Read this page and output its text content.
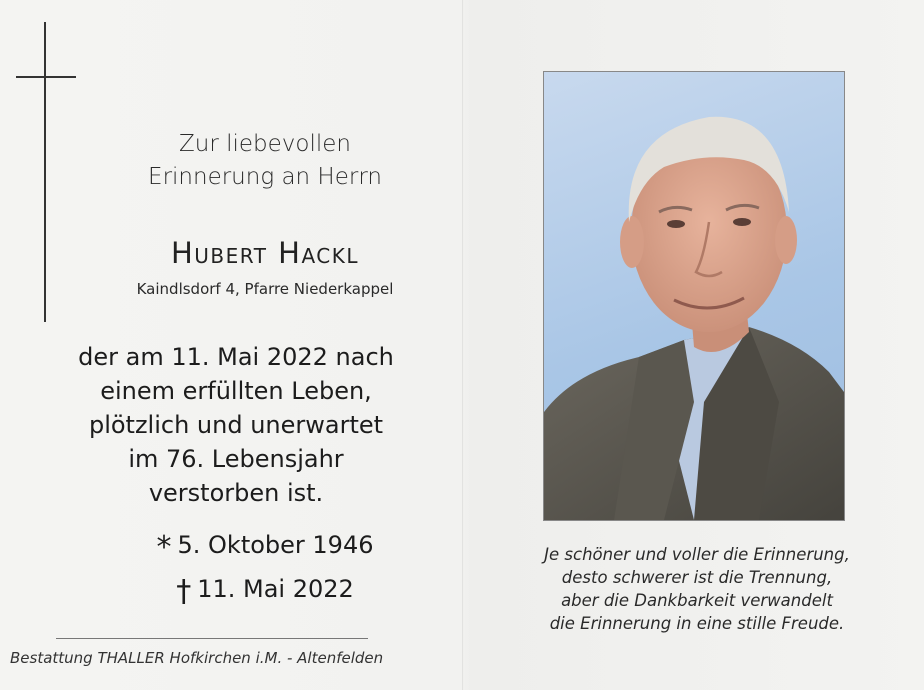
Zur liebevollen
Erinnerung an Herrn
Hubert Hackl
Kaindlsdorf 4, Pfarre Niederkappel
der am 11. Mai 2022 nach
einem erfüllten Leben,
plötzlich und unerwartet
im 76. Lebensjahr
verstorben ist.
* 5. Oktober 1946
† 11. Mai 2022
Bestattung THALLER Hofkirchen i.M. - Altenfelden
Je schöner und voller die Erinnerung,
desto schwerer ist die Trennung,
aber die Dankbarkeit verwandelt
die Erinnerung in eine stille Freude.
